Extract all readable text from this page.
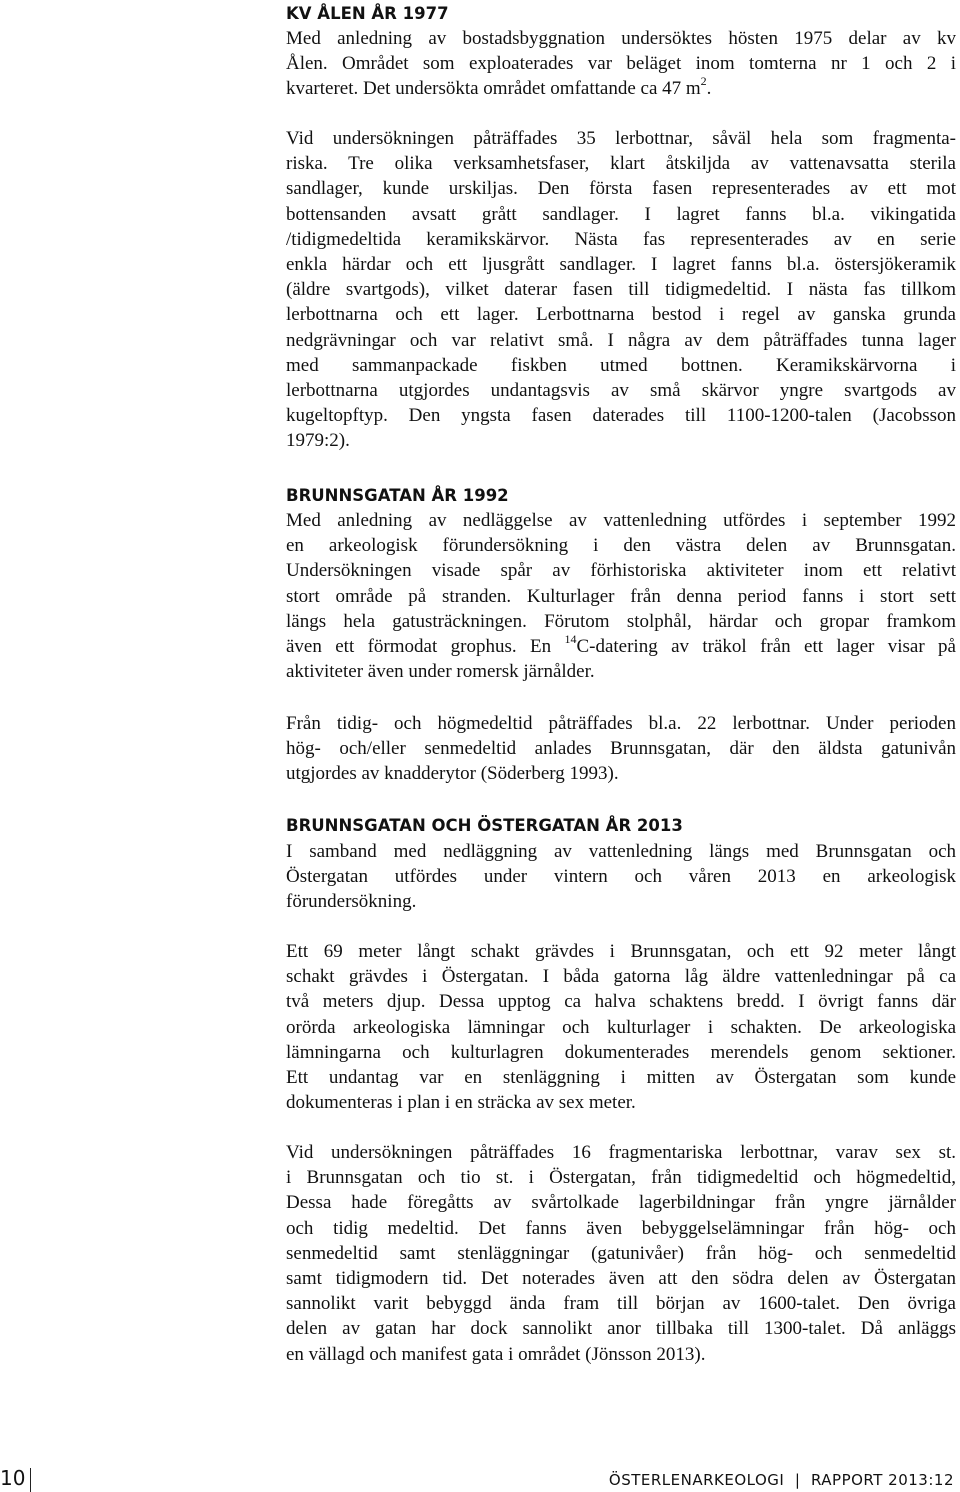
KV ÅLEN ÅR 1977

Med anledning av bostadsbyggnation undersöktes hösten 1975 delar av kv

Ålen. Området som exploaterades var beläget inom tomterna nr 1 och 2 i

kvarteret. Det undersökta området omfattande ca 47 $m^2$.

Vid undersökningen påträffades 35 lerbottnar, såväl hela som fragmenta-

riska. Tre olika verksamhetsfaser, klart åtskiljda av vattenavsatta sterila

sandlager, kunde urskiljas. Den första fasen representerades av ett mot

bottensanden avsatt grått sandlager. I lagret fanns bl.a. vikingatida

/tidigmedeltida keramikskärvor. Nästa fas representerades av en serie

enkla härdar och ett ljusgrått sandlager. I lagret fanns bl.a. östersjökeramik

(äldre svartgods), vilket daterar fasen till tidigmedeltid. I nästa fas tillkom

lerbottnarna och ett lager. Lerbottnarna bestod i regel av ganska grunda

nedgrävningar och var relativt små. I några av dem påträffades tunna lager

med sammanpackade fiskben utmed bottnen. Keramikskärvorna i

lerbottnarna utgjordes undantagsvis av små skärvor yngre svartgods av

kugeltopftyp. Den yngsta fasen daterades till 1100-1200-talen (Jacobsson

1979:2).

BRUNNSGATAN ÅR 1992

Med anledning av nedläggelse av vattenledning utfördes i september 1992

en arkeologisk förundersökning i den västra delen av Brunnsgatan.

Undersökningen visade spår av förhistoriska aktiviteter inom ett relativt

stort område på stranden. Kulturlager från denna period fanns i stort sett

längs hela gatusträckningen. Förutom stolphål, härdar och gropar framkom

även ett förmodat grophus. En $^{14}$C-datering av träkol från ett lager visar på

aktiviteter även under romersk järnålder.

Från tidig- och högmedeltid påträffades bl.a. 22 lerbottnar. Under perioden

hög- och/eller senmedeltid anlades Brunnsgatan, där den äldsta gatunivån

utgjordes av knadderytor (Söderberg 1993).

BRUNNSGATAN OCH ÖSTERGATAN ÅR 2013

I samband med nedläggning av vattenledning längs med Brunnsgatan och

Östergatan utfördes under vintern och våren 2013 en arkeologisk

förundersökning.

Ett 69 meter långt schakt grävdes i Brunnsgatan, och ett 92 meter långt

schakt grävdes i Östergatan. I båda gatorna låg äldre vattenledningar på ca

två meters djup. Dessa upptog ca halva schaktens bredd. I övrigt fanns där

orörda arkeologiska lämningar och kulturlager i schakten. De arkeologiska

lämningarna och kulturlagren dokumenterades merendels genom sektioner.

Ett undantag var en stenläggning i mitten av Östergatan som kunde

dokumenteras i plan i en sträcka av sex meter.

Vid undersökningen påträffades 16 fragmentariska lerbottnar, varav sex st.

i Brunnsgatan och tio st. i Östergatan, från tidigmedeltid och högmedeltid,

Dessa hade föregåtts av svårtolkade lagerbildningar från yngre järnålder

och tidig medeltid. Det fanns även bebyggelselämningar från hög- och

senmedeltid samt stenläggningar (gatunivåer) från hög- och senmedeltid

samt tidigmodern tid. Det noterades även att den södra delen av Östergatan

sannolikt varit bebyggd ända fram till början av 1600-talet. Den övriga

delen av gatan har dock sannolikt anor tillbaka till 1300-talet. Då anläggs

en vällagd och manifest gata i området (Jönsson 2013).

10	ÖSTERLENARKEOLOGI  |  RAPPORT 2013:12
